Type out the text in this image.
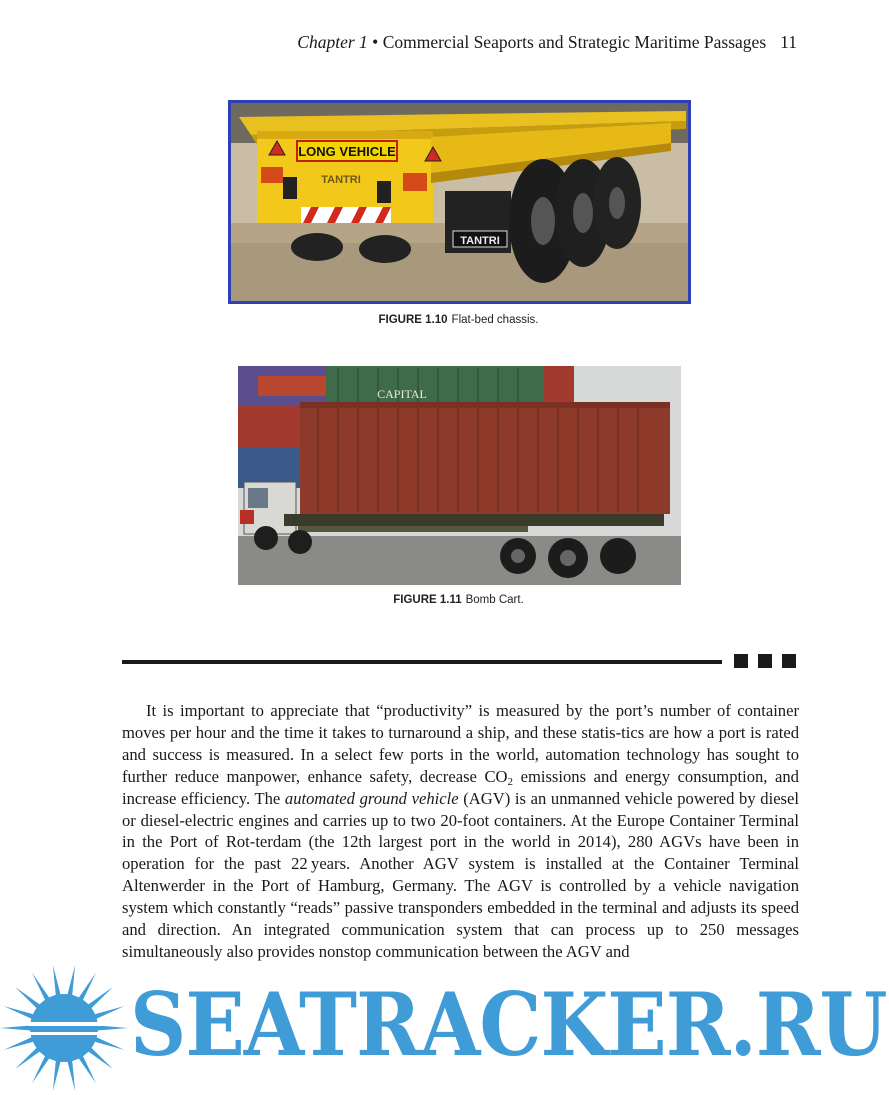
Chapter 1 • Commercial Seaports and Strategic Maritime Passages 11
LONG VEHICLE
TANTRI
TANTRI
FIGURE 1.10 Flat-bed chassis.
CAPITAL
FIGURE 1.11 Bomb Cart.

It is important to appreciate that “productivity” is measured by the port’s number of container moves per hour and the time it takes to turnaround a ship, and these statis-tics are how a port is rated and success is measured. In a select few ports in the world, automation technology has sought to further reduce manpower, enhance safety, decrease $CO_2$ emissions and energy consumption, and increase efficiency. The automated ground vehicle (AGV) is an unmanned vehicle powered by diesel or diesel-electric engines and carries up to two 20-foot containers. At the Europe Container Terminal in the Port of Rot-terdam (the 12th largest port in the world in 2014), 280 AGVs have been in operation for the past 22 years. Another AGV system is installed at the Container Terminal Altenwerder in the Port of Hamburg, Germany. The AGV is controlled by a vehicle navigation system which constantly “reads” passive transponders embedded in the terminal and adjusts its speed and direction. An integrated communication system that can process up to 250 messages simultaneously also provides nonstop communication between the AGV and

SEATRACKER.RU
